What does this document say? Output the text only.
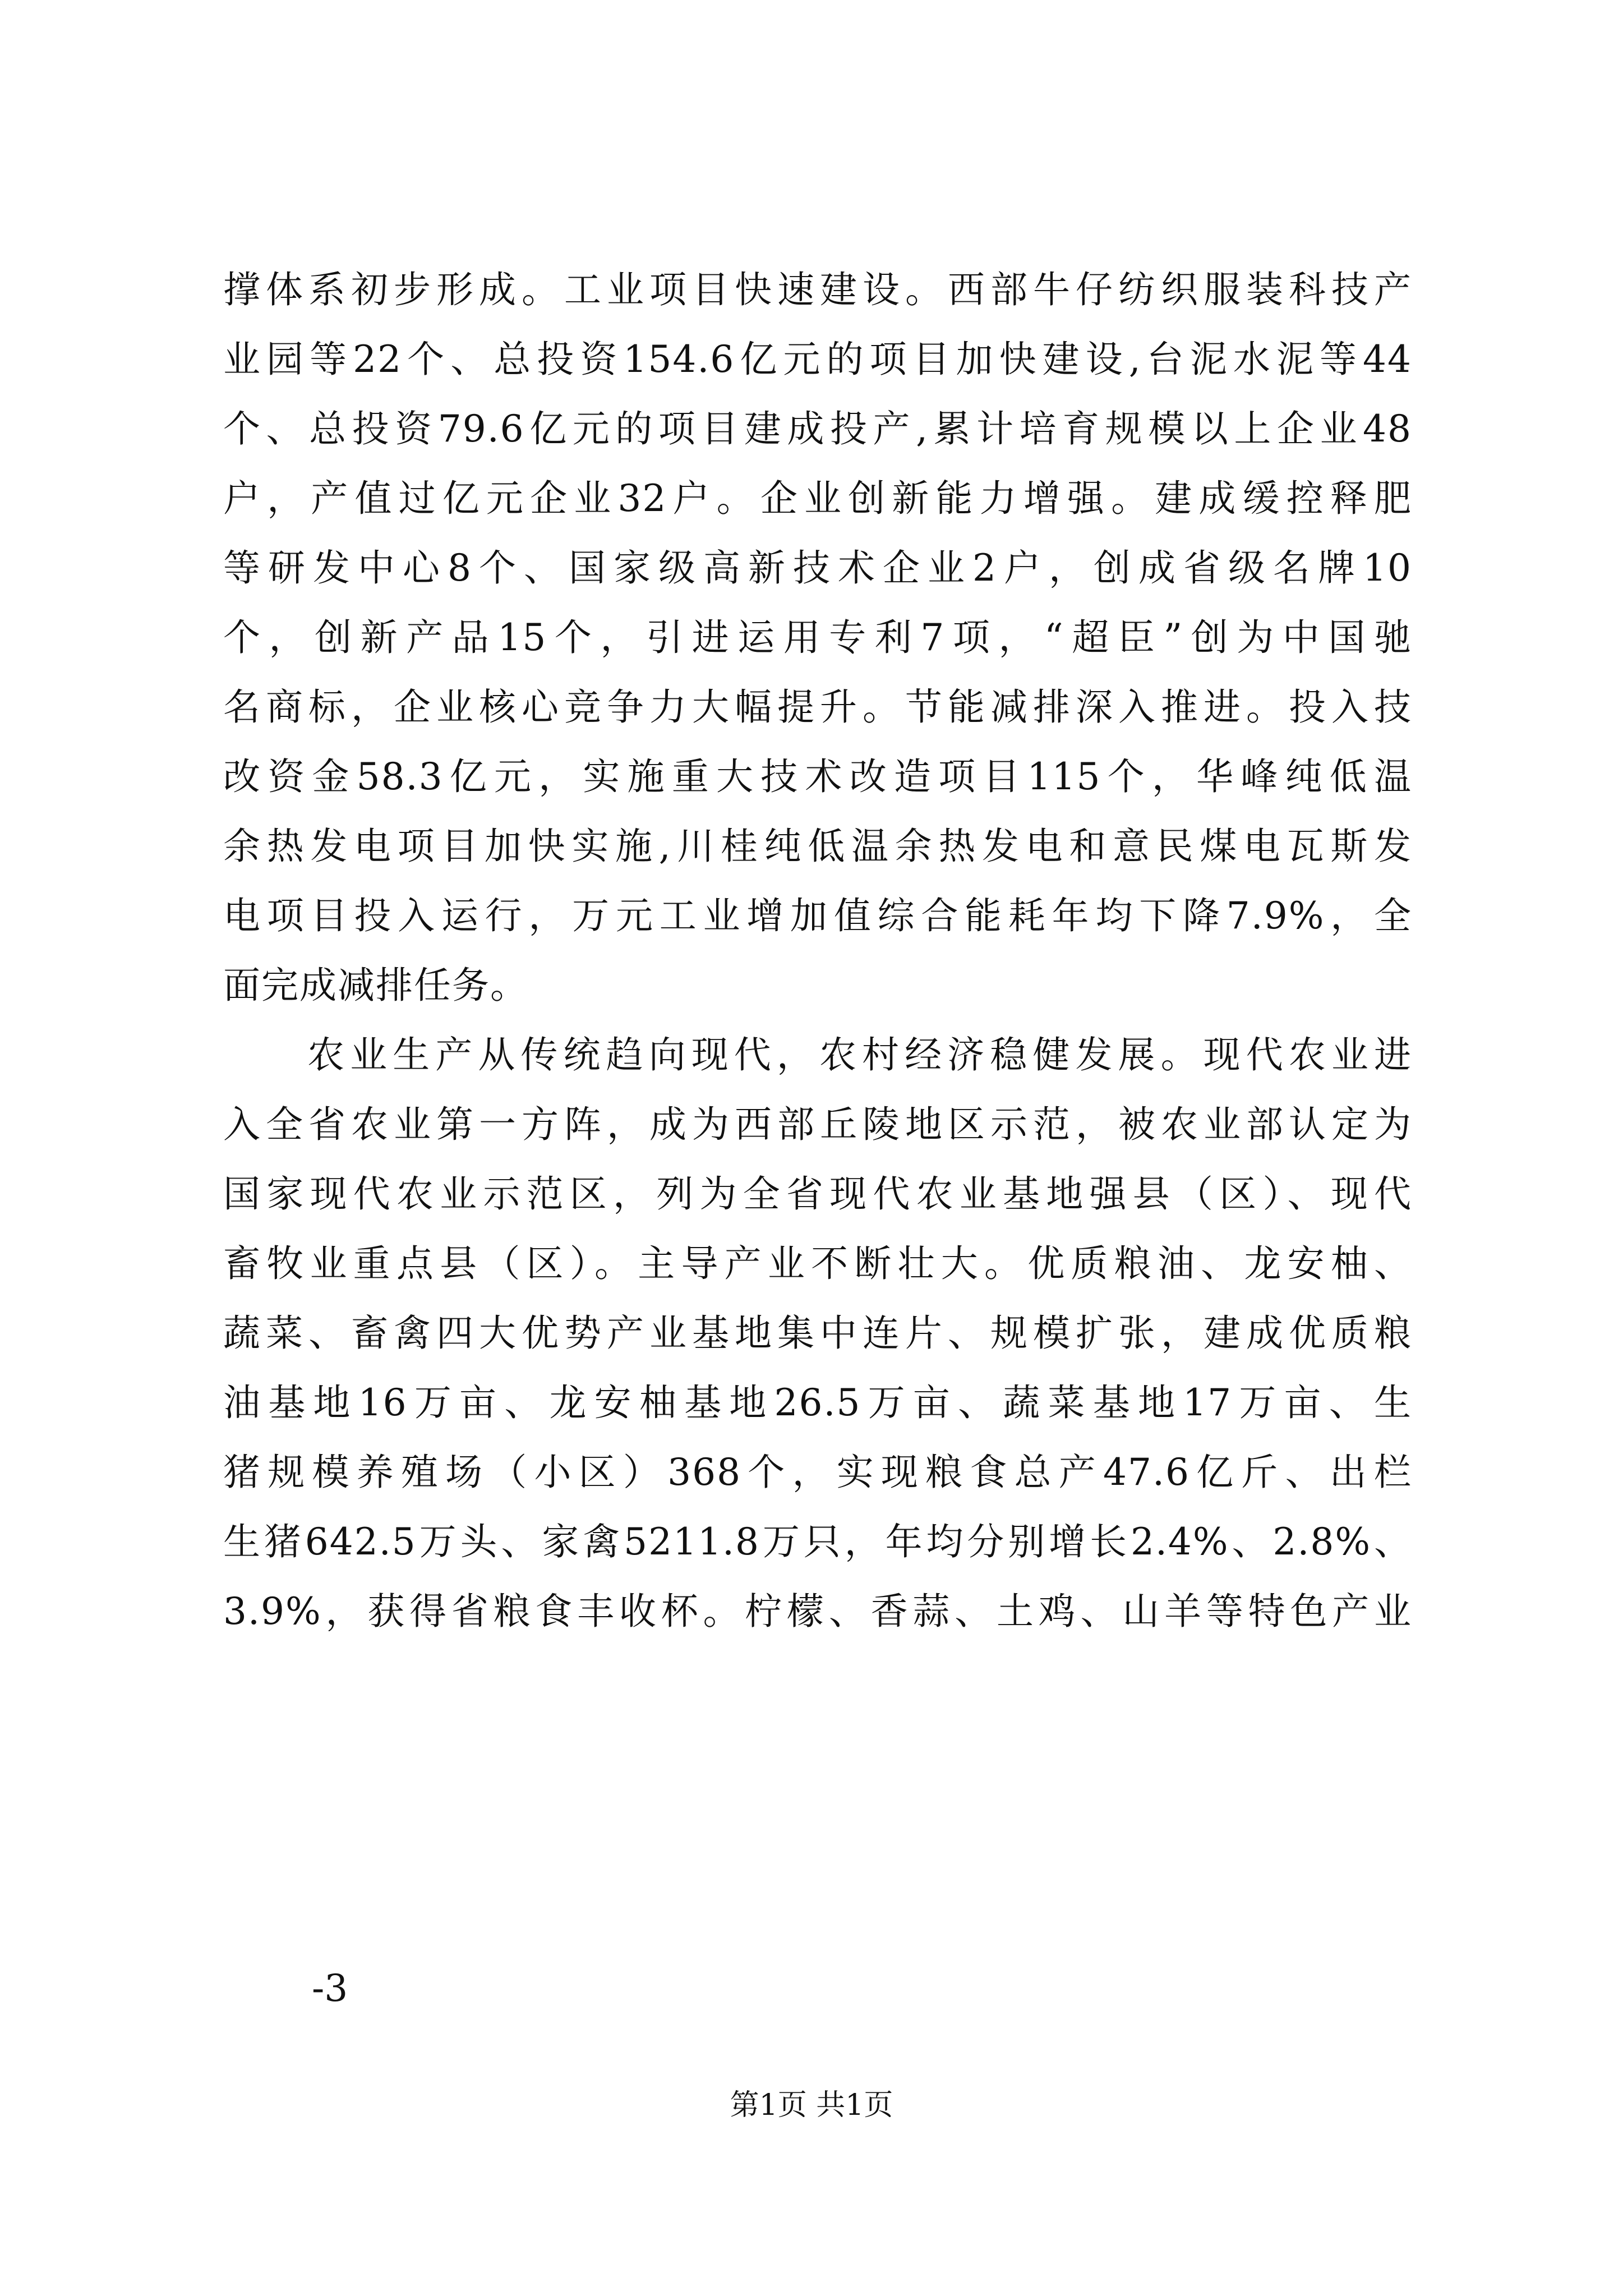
撑体系初步形成。工业项目快速建设。西部牛仔纺织服装科技产
业园等22个、总投资154.6亿元的项目加快建设,台泥水泥等44
个、总投资79.6亿元的项目建成投产,累计培育规模以上企业48
户，产值过亿元企业32户。企业创新能力增强。建成缓控释肥
等研发中心8个、国家级高新技术企业2户，创成省级名牌10
个，创新产品15个，引进运用专利7项，“超臣”创为中国驰
名商标，企业核心竞争力大幅提升。节能减排深入推进。投入技
改资金58.3亿元，实施重大技术改造项目115个，华峰纯低温
余热发电项目加快实施,川桂纯低温余热发电和意民煤电瓦斯发
电项目投入运行，万元工业增加值综合能耗年均下降7.9%，全
面完成减排任务。
农业生产从传统趋向现代，农村经济稳健发展。现代农业进
入全省农业第一方阵，成为西部丘陵地区示范，被农业部认定为
国家现代农业示范区，列为全省现代农业基地强县（区）、现代
畜牧业重点县（区）。主导产业不断壮大。优质粮油、龙安柚、
蔬菜、畜禽四大优势产业基地集中连片、规模扩张，建成优质粮
油基地16万亩、龙安柚基地26.5万亩、蔬菜基地17万亩、生
猪规模养殖场（小区）368个，实现粮食总产47.6亿斤、出栏
生猪642.5万头、家禽5211.8万只，年均分别增长2.4%、2.8%、
3.9%，获得省粮食丰收杯。柠檬、香蒜、土鸡、山羊等特色产业
-3
第1页 共1页
